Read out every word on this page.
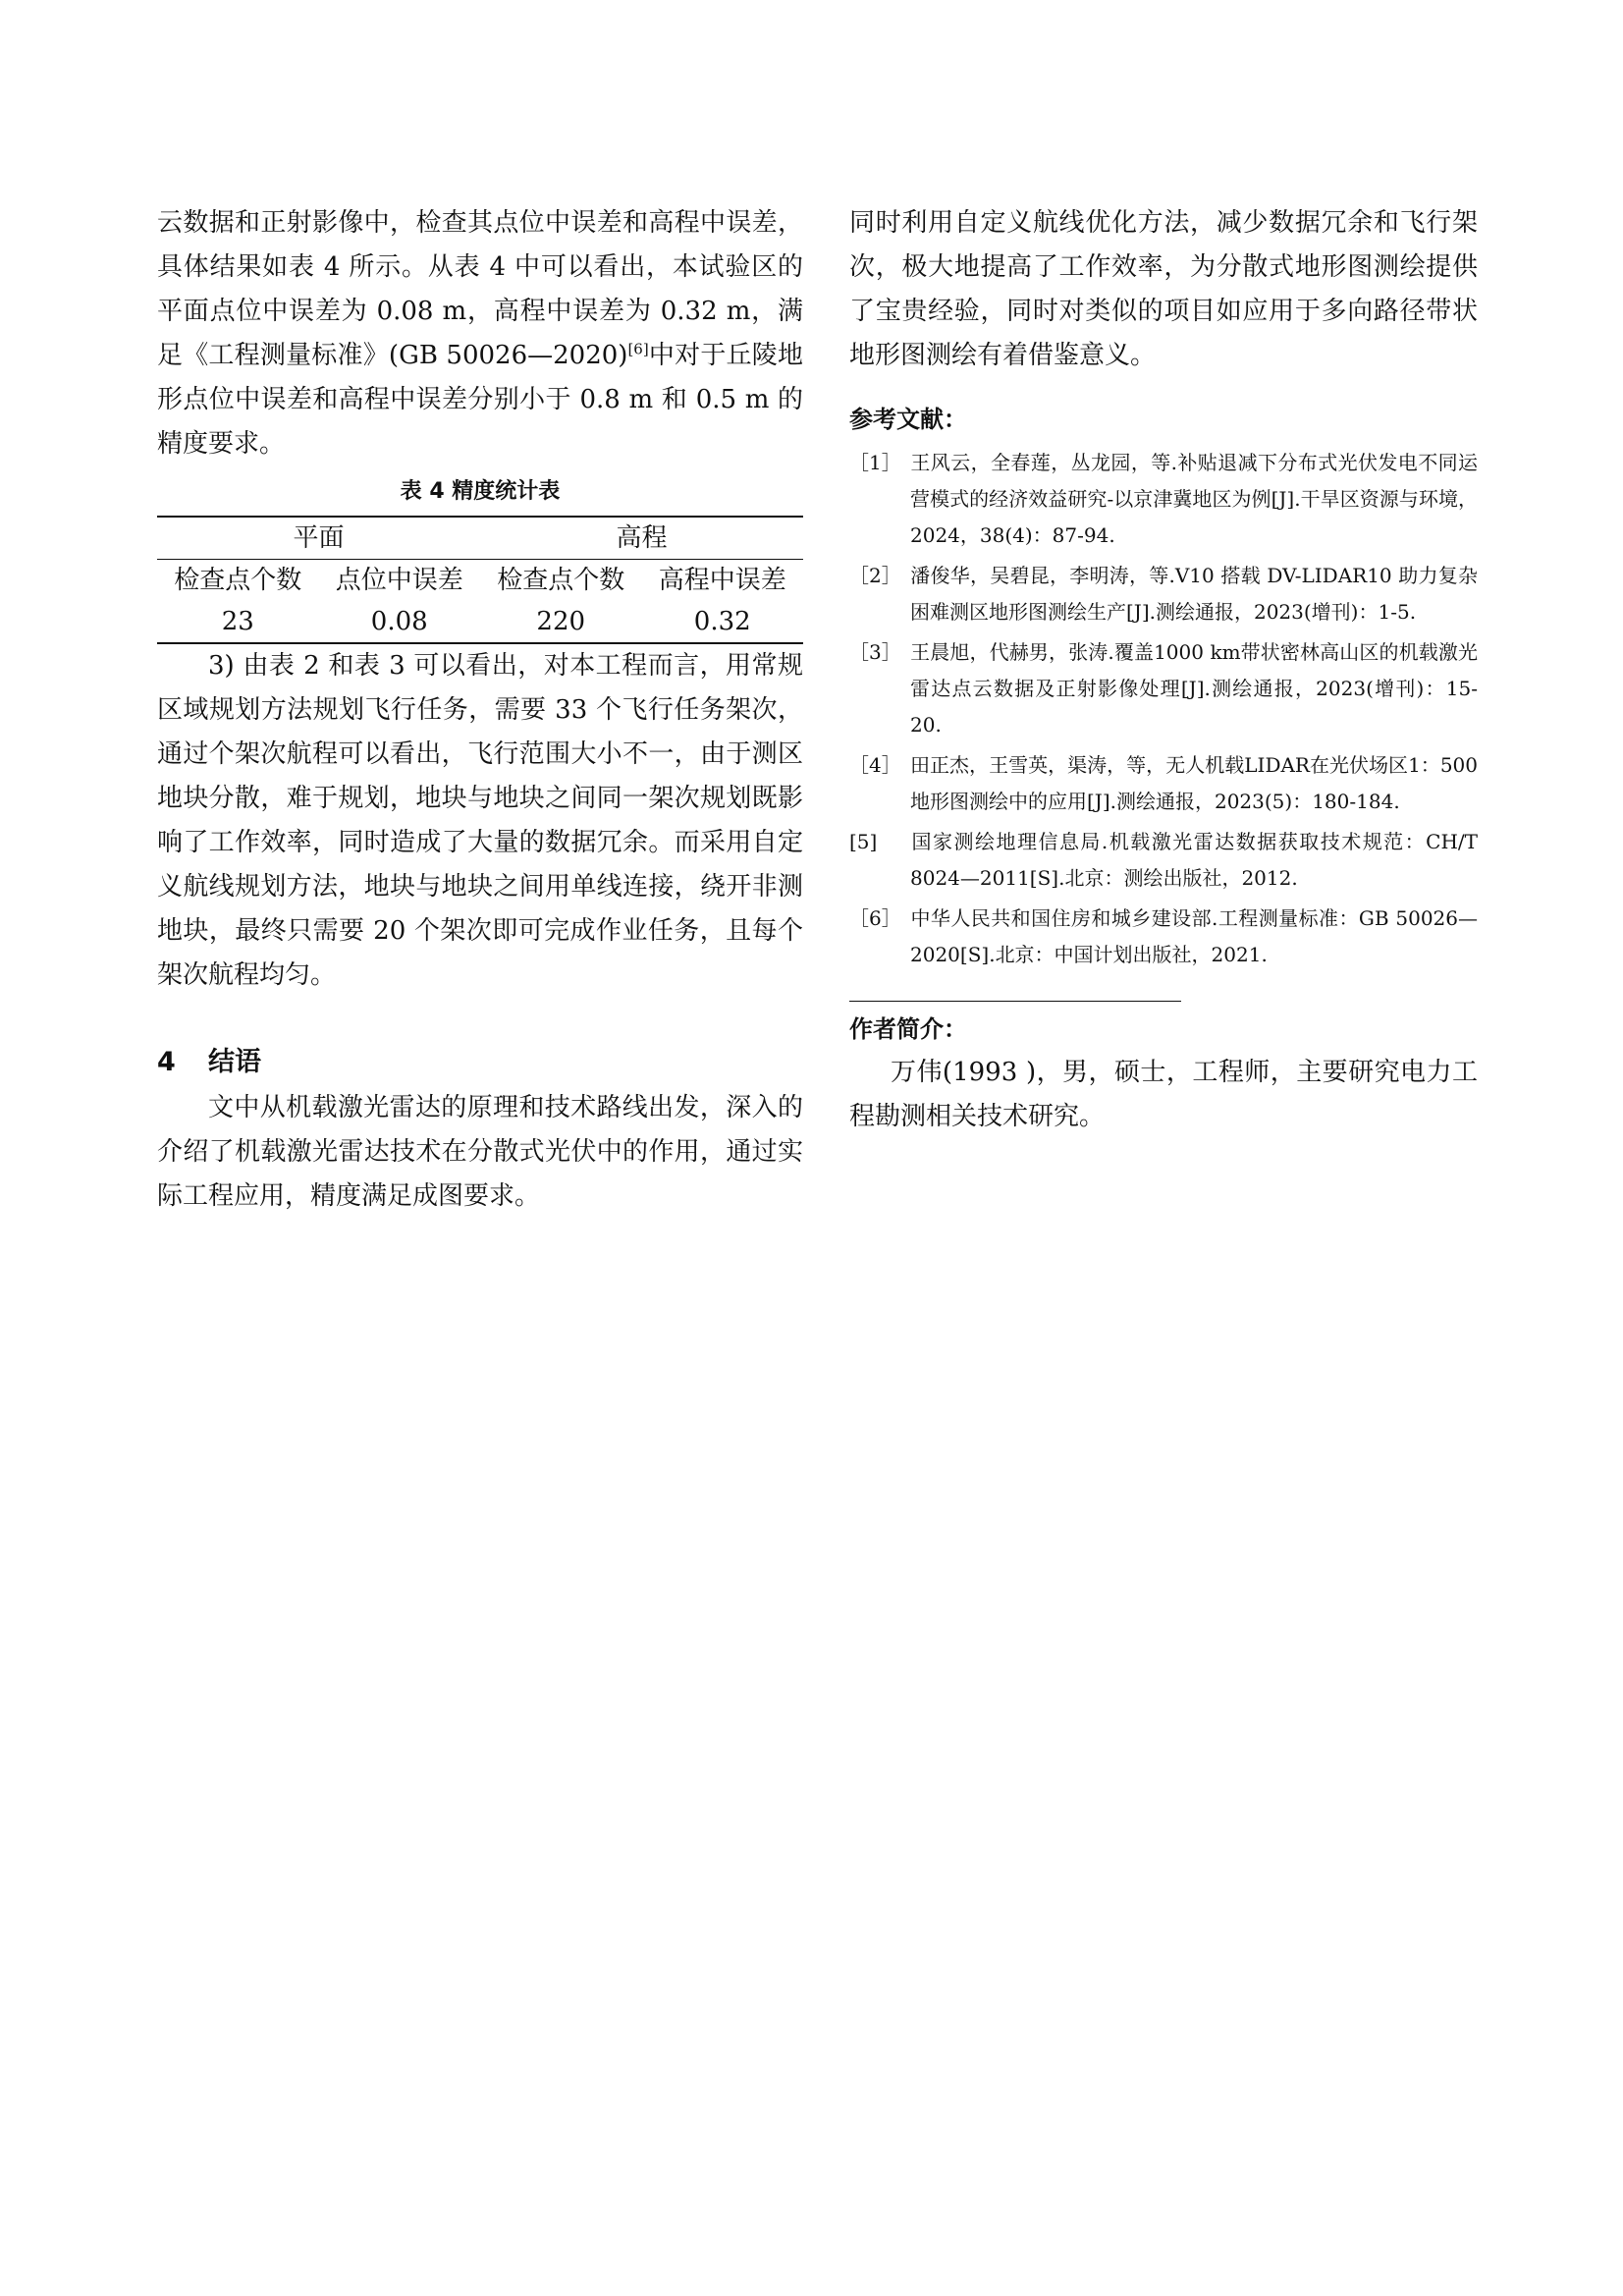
云数据和正射影像中，检查其点位中误差和高程中误差，具体结果如表 4 所示。从表 4 中可以看出，本试验区的平面点位中误差为 0.08 m，高程中误差为 0.32 m，满足《工程测量标准》(GB 50026—2020)[6]中对于丘陵地形点位中误差和高程中误差分别小于 0.8 m 和 0.5 m 的精度要求。

表 4 精度统计表
平面		高程	
检查点个数	点位中误差	检查点个数	高程中误差
23	0.08	220	0.32

3) 由表 2 和表 3 可以看出，对本工程而言，用常规区域规划方法规划飞行任务，需要 33 个飞行任务架次，通过个架次航程可以看出，飞行范围大小不一，由于测区地块分散，难于规划，地块与地块之间同一架次规划既影响了工作效率，同时造成了大量的数据冗余。而采用自定义航线规划方法，地块与地块之间用单线连接，绕开非测地块，最终只需要 20 个架次即可完成作业任务，且每个架次航程均匀。

4 结语

文中从机载激光雷达的原理和技术路线出发，深入的介绍了机载激光雷达技术在分散式光伏中的作用，通过实际工程应用，精度满足成图要求。

同时利用自定义航线优化方法，减少数据冗余和飞行架次，极大地提高了工作效率，为分散式地形图测绘提供了宝贵经验，同时对类似的项目如应用于多向路径带状地形图测绘有着借鉴意义。

参考文献：
［1］ 王风云，全春莲，丛龙园，等.补贴退减下分布式光伏发电不同运营模式的经济效益研究-以京津冀地区为例[J].干旱区资源与环境，2024，38(4)：87-94.
［2］ 潘俊华，吴碧昆，李明涛，等.V10 搭载 DV-LIDAR10 助力复杂困难测区地形图测绘生产[J].测绘通报，2023(增刊)：1-5.
［3］ 王晨旭，代赫男，张涛.覆盖1000 km带状密林高山区的机载激光雷达点云数据及正射影像处理[J].测绘通报，2023(增刊)：15-20.
［4］ 田正杰，王雪英，渠涛，等，无人机载LIDAR在光伏场区1：500地形图测绘中的应用[J].测绘通报，2023(5)：180-184.
[5] 国家测绘地理信息局.机载激光雷达数据获取技术规范：CH/T 8024—2011[S].北京：测绘出版社，2012.
［6］ 中华人民共和国住房和城乡建设部.工程测量标准：GB 50026—2020[S].北京：中国计划出版社，2021.
作者简介：

万伟(1993 )，男，硕士，工程师，主要研究电力工程勘测相关技术研究。
